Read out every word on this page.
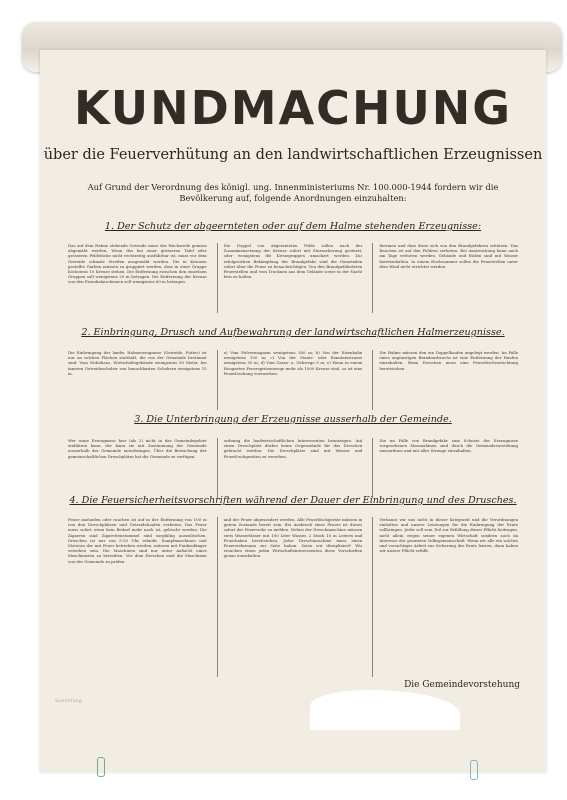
KUNDMACHUNG
über die Feuerverhütung an den landwirtschaftlichen Erzeugnissen
Auf Grund der Verordnung des königl. ung. Innenministeriums Nr. 100.000-1944 fordern wir die Bevölkerung auf, folgende Anordnungen einzuhalten:
1. Der Schutz der abgeernteten oder auf dem Halme stehenden Erzeugnisse:
Das auf dem Halme stehende Getreide muss der Wachsreife gemäss abgemäht werden. Wenn das bei einer grösseren Tafel oder grösseren Feldstücke nicht rechtzeitig ausführbar ist, muss vor dem Getreide schmale Streifen ausgemäht werden. Die in Kreuzen gestellte Garben müssen zu gruppiert werden, dass in einer Gruppe höchstens 10 Kreuze stehen. Die Entfernung zwischen den einzelnen Gruppen soll wenigstens 20 m betragen. Die Entfernung der Kreuze von den Eisenbahnschienen soll wenigstens 60 m betragen.
Die Doppel von abgeernteten Felde sollen nach der Zusammensetzung der Kreuze sofort mit Sturzackerung gestürzt, oder wenigstens die Kreuzgruppen umackert werden. Zur erfolgreichen Bekämpfung der Brandgefahr sind die Gemeinden sofort über die Feuer zu benachrichtigen. Von den Brandgefährdeten Feuerstellen und vom Trocknen aus dem Gelände sowie in der Nacht fern zu halten.
thermen und dass diese sich von den Brandgefahren schützen. Das Rauchen ist auf den Feldern verboten. Bei Anstreichung kann auch am Tage verboten werden. Gebäude und Böden sind mit Wasser bereitzuhalten. In einem Hochsommer sollen die Feuerstellen unter dem Wind nicht errichtet werden.
2. Einbringung, Drusch und Aufbewahrung der landwirtschaftlichen Halmerzeugnisse.
Die Einbringung der landw. Halmerzeugnisse (Getreide, Futter) ist nur an solchen Flächen statthaft, die von der Gemeinde bestimmt sind. Vom Wohnhaus, Wirtschaftsgebäude wenigstens 50 Meter, bei inneren Getreideschober von benachbarten Schobern wenigstens 15 m.
a) Vom Pulvermagazin wenigstens 300 m; b) Von der Eisenbahn wenigstens 100 m; c) Von der Staats- oder Komitatsstrasse wenigstens 50 m; d) Vom Gasse- u. Gehwege 5 m; e) Wenn in einem Heugarten Feuerspritzenwege mehr als 1000 Kreuze sind, so ist eine Feuerlöschung vorzusehen.
Die Halme müssen den ein Doppelhaufen angelegt werden. Im Falle eines ungünstigen Brandausbruchs ist eine Entfernung der Haufen einzuhalten. Beim Dreschen muss eine Feuerlöschvorrichtung bereitstehen.
3. Die Unterbringung der Erzeugnisse ausserhalb der Gemeinde.
Wer seine Erzeugnisse hier (als 2) nicht in das Gemeindegebiet einführen kann, der kann sie mit Zustimmung der Gemeinde ausserhalb der Gemeinde unterbringen. Über die Bewachung der gemeinschaftlichen Dreschplätze hat die Gemeinde zu verfügen.
ordnung die landwirtschaftlichen Interessenten beantragen. Auf einen Dreschplatz dürfen keine Gegenstände für das Dreschen gebracht werden. Die Dreschplätze sind mit Wasser und Feuerlöschgeräten zu versehen.
Die im Falle von Brandgefahr zum Schutze der Erzeugnisse vorgesehenen Massnahmen sind durch die Gemeindevorstehung anzuordnen und mit aller Strenge einzuhalten.
4. Die Feuersicherheitsvorschriften während der Dauer der Einbringung und des Drusches.
Feuer anzünden oder rauchen ist auf in der Entfernung von 100 m von den Dreschplätzen und Getreidehaufen verboten. Das Feuer muss sofort wenn kein Bedarf mehr nach ist, gelöscht werden. Die Zigarren sind Zigarettenstummel sind sorgfältig auszulöschen. Dreschen ist nur von 5-20 Uhr erlaubt. Dampfmaschinen und Motoren der mit Feuer betrieben werden, müssen mit Funkenfänger versehen sein. Die Maschinen sind nur unter Aufsicht eines Maschinisten zu betreiben. Vor dem Dreschen sind die Maschinen von der Gemeinde zu prüfen.
und der Feuer abgesondert werden. Alle Feuerlöschgeräte müssen in gutem Zustande bereit sein. Bei Ausbruch eines Feuers ist dieses sofort der Feuerwehr zu melden. Neben der Dreschmaschine müssen stets Wasserfässer mit 100 Liter Wasser, 2 Stück 10 m Leitern und Feuerhaken bereitstehen. Jeder Dreschmaschine muss einen Feuerwehrmann zur Seite haben. Seien wir diszipliniert! Wir ersuchen einen jeden Wirtschaftsinteressenten diese Vorschriften genau einzuhalten.
Verbannt wir uns nicht in dieser Kriegszeit und die Verordnungen einhalten und unsere Leistungen für die Einbringung der Ernte vollbringen. Jeder soll sein Teil zur Erfüllung dieser Pflicht beitragen, nicht allein wegen seiner eigenen Wirtschaft sondern auch im Interesse der gesamten Volksgemeinschaft. Wenn wir alle ein solches und vorsichtiges Arbeit zur Sicherung der Ernte leisten, dann haben wir unsere Pflicht erfüllt.
Die Gemeindevorstehung
Sammlung
